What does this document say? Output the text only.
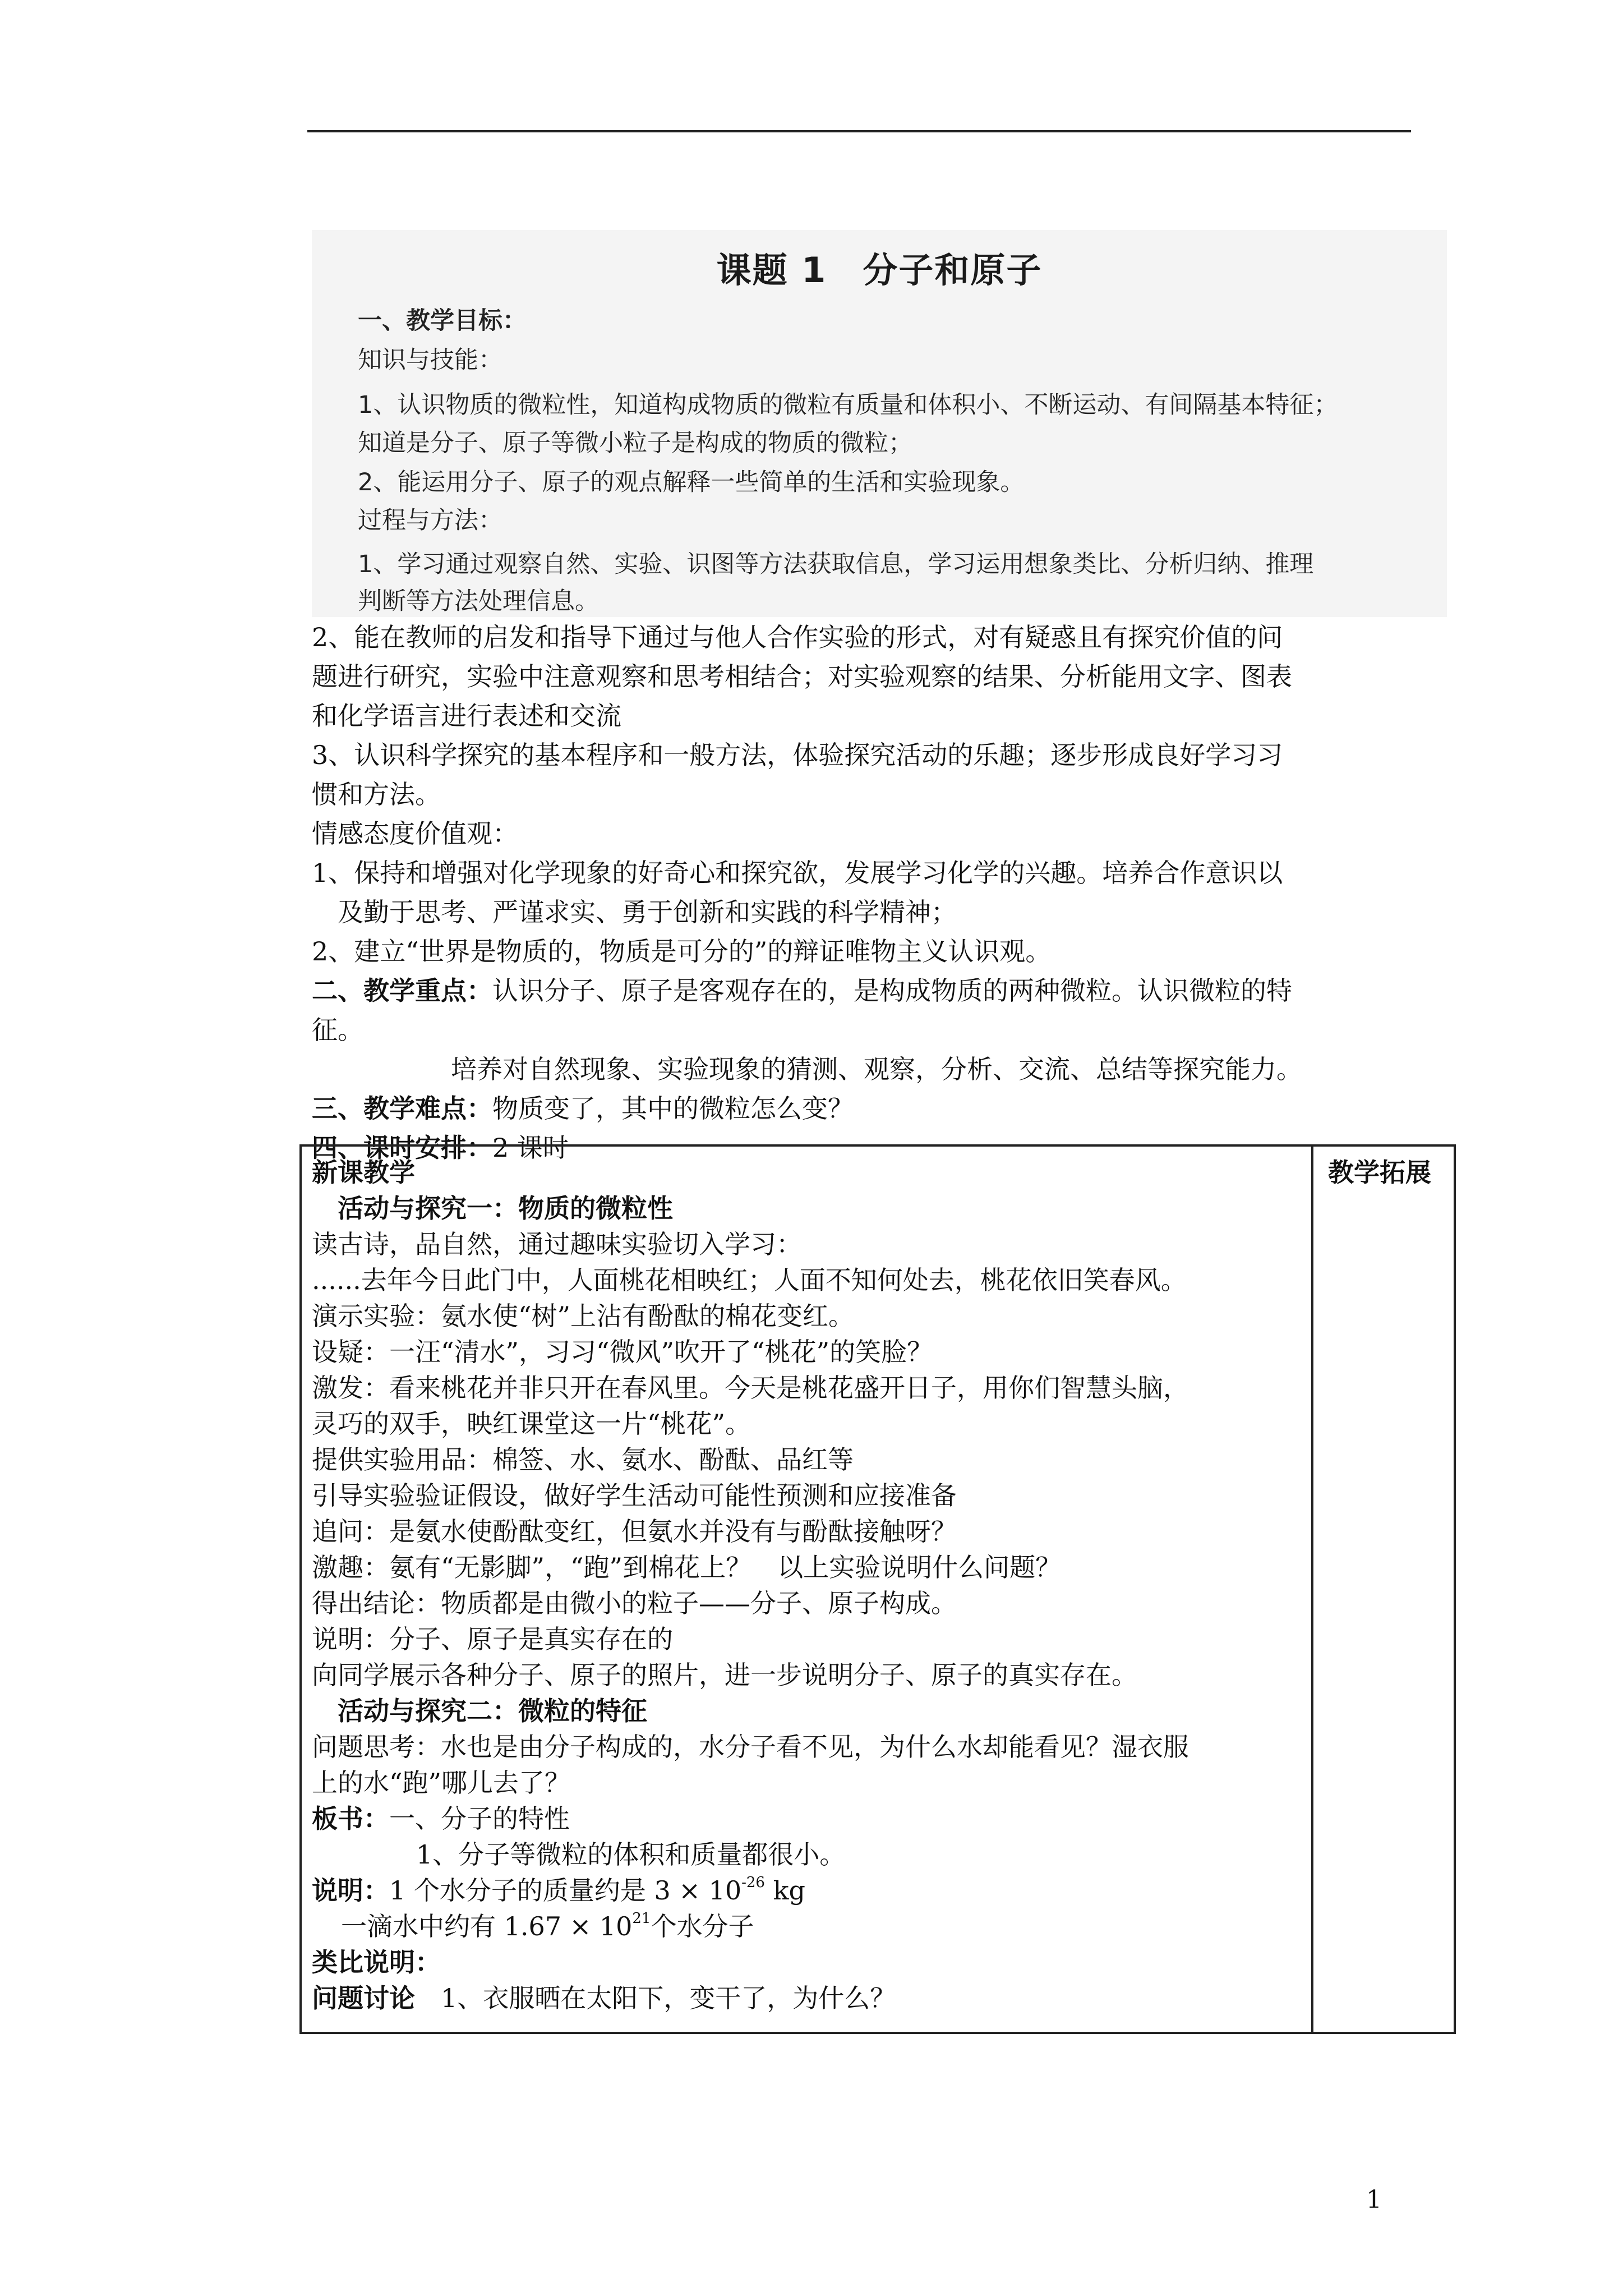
课题 1　分子和原子
一、教学目标：
知识与技能：
1、认识物质的微粒性，知道构成物质的微粒有质量和体积小、不断运动、有间隔基本特征；
知道是分子、原子等微小粒子是构成的物质的微粒；
2、能运用分子、原子的观点解释一些简单的生活和实验现象。
过程与方法：
1、学习通过观察自然、实验、识图等方法获取信息，学习运用想象类比、分析归纳、推理
判断等方法处理信息。
2、能在教师的启发和指导下通过与他人合作实验的形式，对有疑惑且有探究价值的问
题进行研究，实验中注意观察和思考相结合；对实验观察的结果、分析能用文字、图表
和化学语言进行表述和交流
3、认识科学探究的基本程序和一般方法，体验探究活动的乐趣；逐步形成良好学习习
惯和方法。
情感态度价值观：
1、保持和增强对化学现象的好奇心和探究欲，发展学习化学的兴趣。培养合作意识以
　及勤于思考、严谨求实、勇于创新和实践的科学精神；
2、建立“世界是物质的，物质是可分的”的辩证唯物主义认识观。
二、教学重点：认识分子、原子是客观存在的，是构成物质的两种微粒。认识微粒的特
征。
培养对自然现象、实验现象的猜测、观察，分析、交流、总结等探究能力。
三、教学难点：物质变了，其中的微粒怎么变？
四、课时安排：2 课时
教学拓展
新课教学
　活动与探究一：物质的微粒性
读古诗，品自然，通过趣味实验切入学习：
......去年今日此门中，人面桃花相映红；人面不知何处去，桃花依旧笑春风。
演示实验：氨水使“树”上沾有酚酞的棉花变红。
设疑：一汪“清水”，习习“微风”吹开了“桃花”的笑脸？
激发：看来桃花并非只开在春风里。今天是桃花盛开日子，用你们智慧头脑，
灵巧的双手，映红课堂这一片“桃花”。
提供实验用品：棉签、水、氨水、酚酞、品红等
引导实验验证假设，做好学生活动可能性预测和应接准备
追问：是氨水使酚酞变红，但氨水并没有与酚酞接触呀？
激趣：氨有“无影脚”，“跑”到棉花上？　以上实验说明什么问题？
得出结论：物质都是由微小的粒子——分子、原子构成。
说明：分子、原子是真实存在的
向同学展示各种分子、原子的照片，进一步说明分子、原子的真实存在。
　活动与探究二：微粒的特征
问题思考：水也是由分子构成的，水分子看不见，为什么水却能看见？湿衣服
上的水“跑”哪儿去了？
板书：一、分子的特性
1、分子等微粒的体积和质量都很小。
说明：1 个水分子的质量约是 $3 \times 10^{-26}$ kg
一滴水中约有 $1.67 \times 10^{21}$个水分子
类比说明：
问题讨论 1、衣服晒在太阳下，变干了，为什么？
1
